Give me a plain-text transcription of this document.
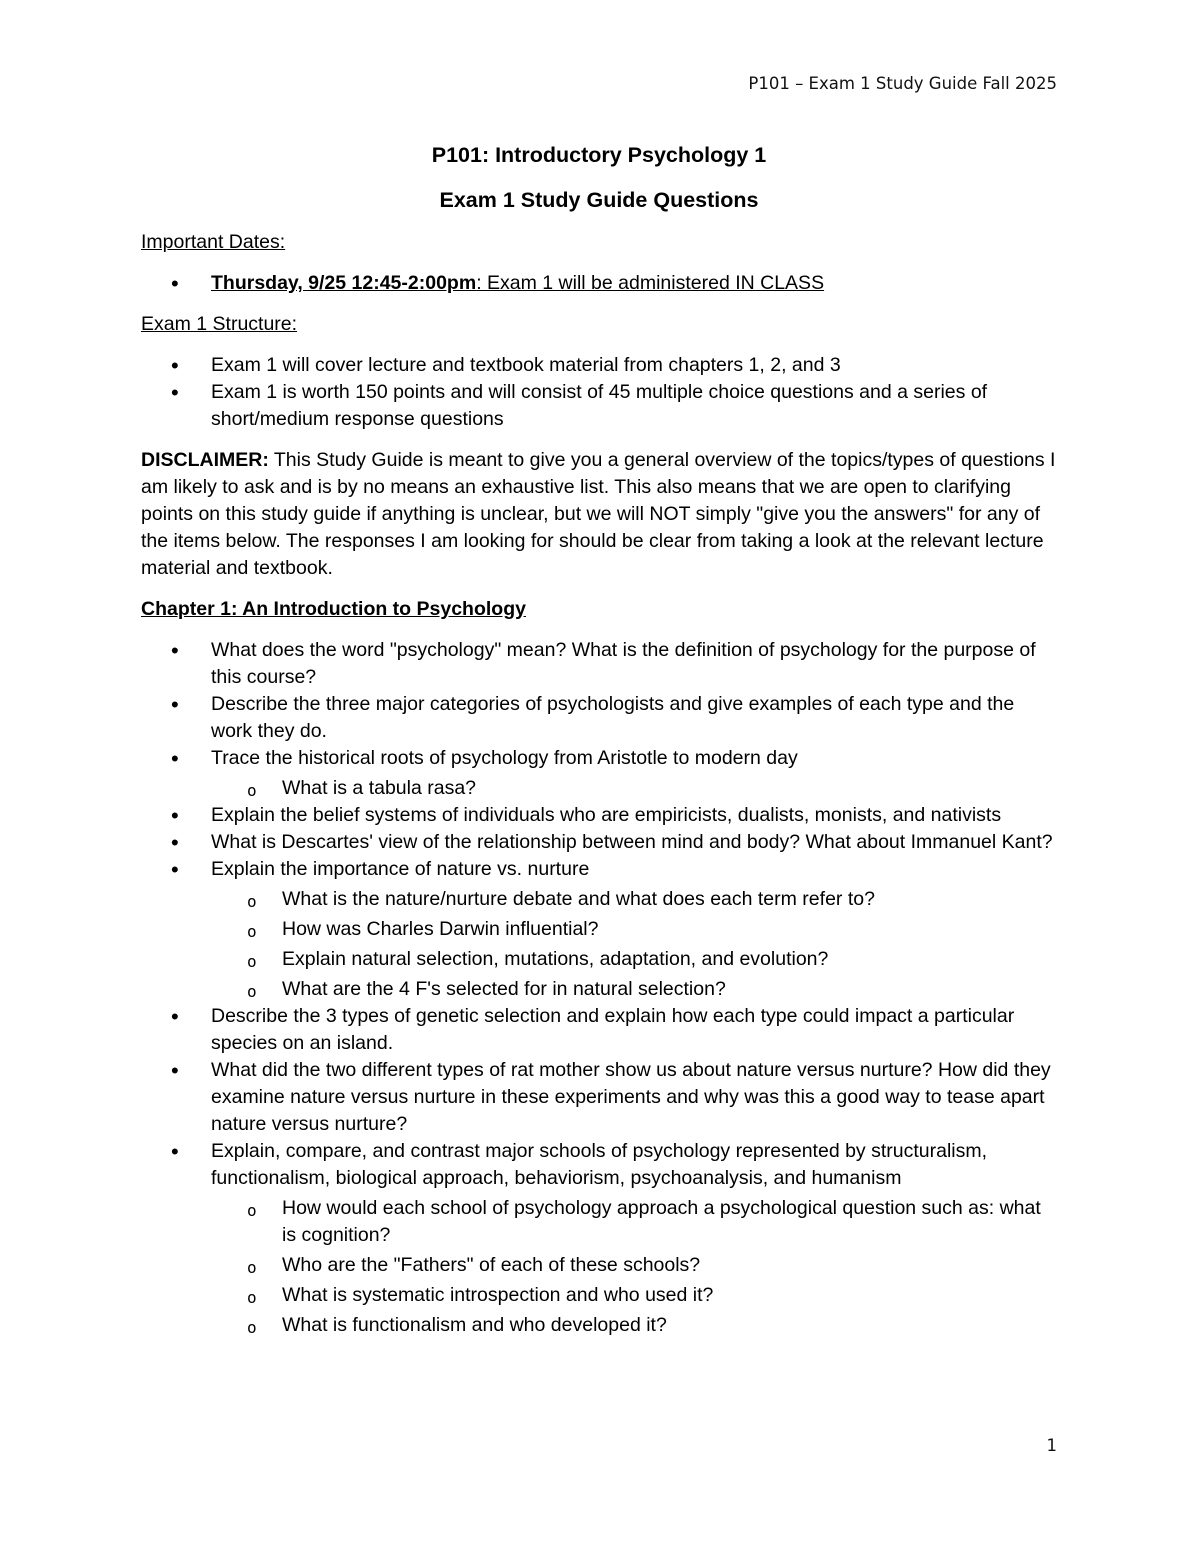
P101 – Exam 1 Study Guide Fall 2025
P101: Introductory Psychology 1
Exam 1 Study Guide Questions
Important Dates:
• Thursday, 9/25 12:45-2:00pm: Exam 1 will be administered IN CLASS
Exam 1 Structure:
• Exam 1 will cover lecture and textbook material from chapters 1, 2, and 3
• Exam 1 is worth 150 points and will consist of 45 multiple choice questions and a series of short/medium response questions
DISCLAIMER: This Study Guide is meant to give you a general overview of the topics/types of questions I am likely to ask and is by no means an exhaustive list. This also means that we are open to clarifying points on this study guide if anything is unclear, but we will NOT simply "give you the answers" for any of the items below. The responses I am looking for should be clear from taking a look at the relevant lecture material and textbook.
Chapter 1: An Introduction to Psychology
• What does the word "psychology" mean? What is the definition of psychology for the purpose of this course?
• Describe the three major categories of psychologists and give examples of each type and the work they do.
• Trace the historical roots of psychology from Aristotle to modern day
o What is a tabula rasa?
• Explain the belief systems of individuals who are empiricists, dualists, monists, and nativists
• What is Descartes' view of the relationship between mind and body? What about Immanuel Kant?
• Explain the importance of nature vs. nurture
o What is the nature/nurture debate and what does each term refer to?
o How was Charles Darwin influential?
o Explain natural selection, mutations, adaptation, and evolution?
o What are the 4 F's selected for in natural selection?
• Describe the 3 types of genetic selection and explain how each type could impact a particular species on an island.
• What did the two different types of rat mother show us about nature versus nurture? How did they examine nature versus nurture in these experiments and why was this a good way to tease apart nature versus nurture?
• Explain, compare, and contrast major schools of psychology represented by structuralism, functionalism, biological approach, behaviorism, psychoanalysis, and humanism
o How would each school of psychology approach a psychological question such as: what is cognition?
o Who are the "Fathers" of each of these schools?
o What is systematic introspection and who used it?
o What is functionalism and who developed it?
1
